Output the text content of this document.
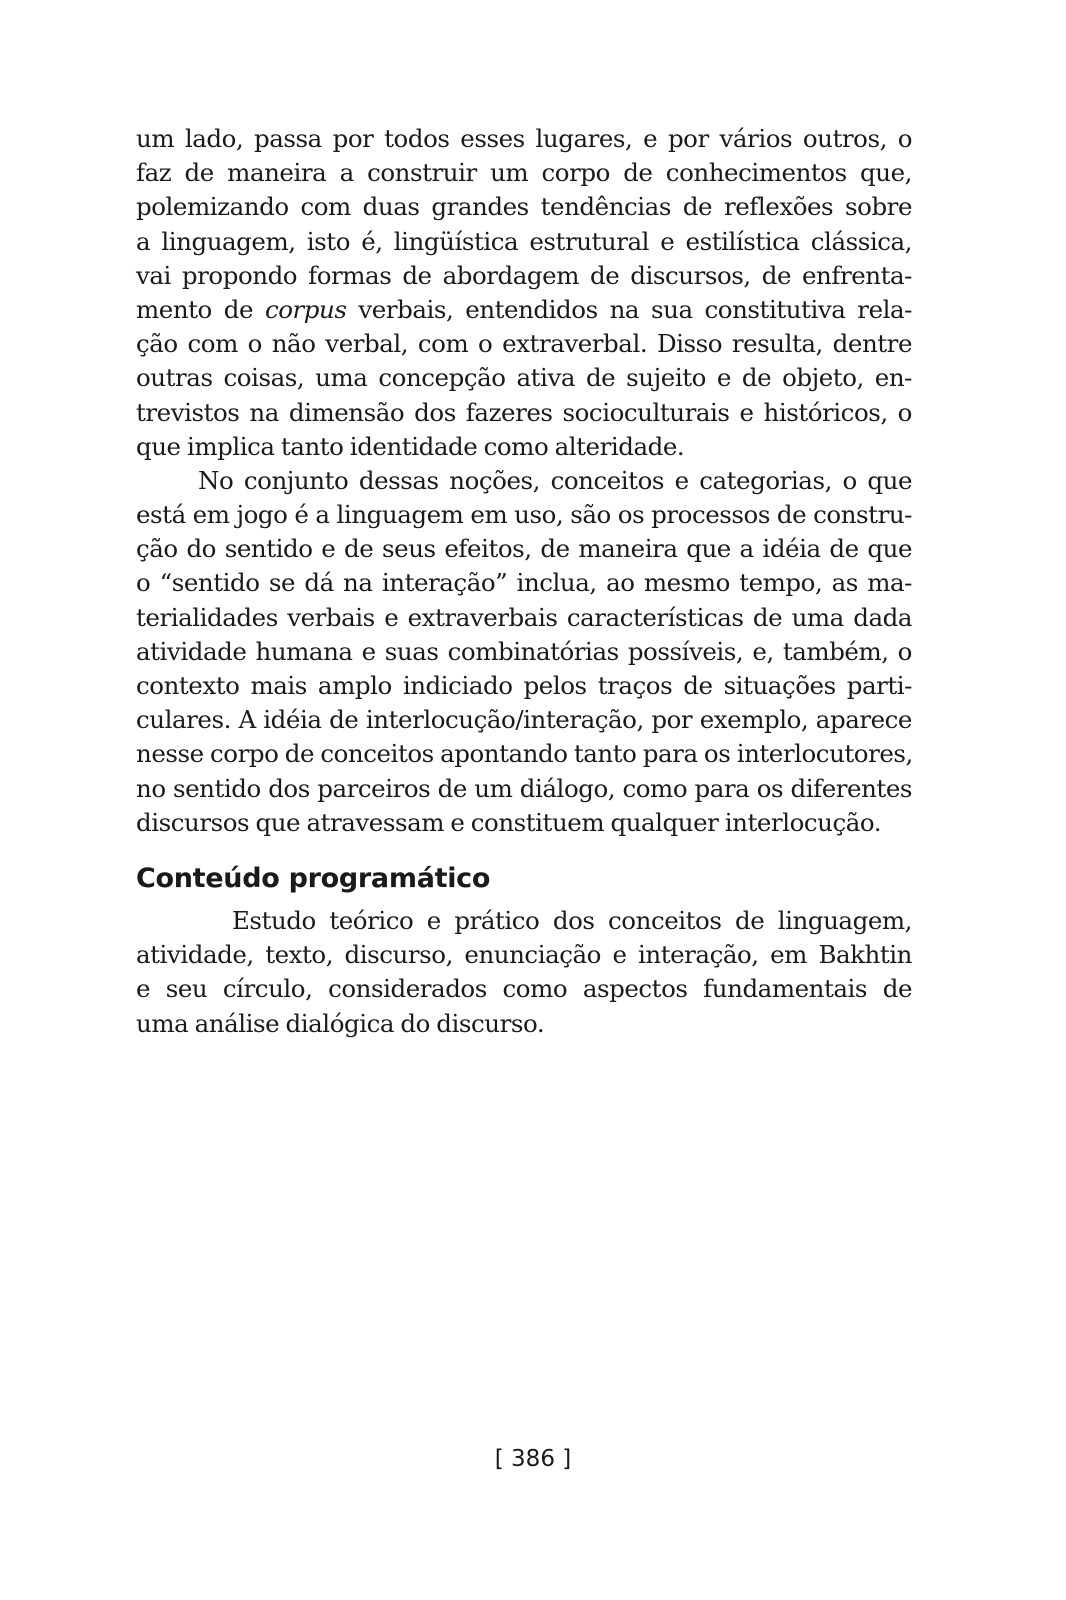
um lado, passa por todos esses lugares, e por vários outros, o
faz de maneira a construir um corpo de conhecimentos que,
polemizando com duas grandes tendências de reflexões sobre
a linguagem, isto é, lingüística estrutural e estilística clássica,
vai propondo formas de abordagem de discursos, de enfrenta-
mento de corpus verbais, entendidos na sua constitutiva rela-
ção com o não verbal, com o extraverbal. Disso resulta, dentre
outras coisas, uma concepção ativa de sujeito e de objeto, en-
trevistos na dimensão dos fazeres socioculturais e históricos, o
que implica tanto identidade como alteridade.
No conjunto dessas noções, conceitos e categorias, o que
está em jogo é a linguagem em uso, são os processos de constru-
ção do sentido e de seus efeitos, de maneira que a idéia de que
o “sentido se dá na interação” inclua, ao mesmo tempo, as ma-
terialidades verbais e extraverbais características de uma dada
atividade humana e suas combinatórias possíveis, e, também, o
contexto mais amplo indiciado pelos traços de situações parti-
culares. A idéia de interlocução/interação, por exemplo, aparece
nesse corpo de conceitos apontando tanto para os interlocutores,
no sentido dos parceiros de um diálogo, como para os diferentes
discursos que atravessam e constituem qualquer interlocução.
Conteúdo programático
Estudo teórico e prático dos conceitos de linguagem,
atividade, texto, discurso, enunciação e interação, em Bakhtin
e seu círculo, considerados como aspectos fundamentais de
uma análise dialógica do discurso.
[ 386 ]
